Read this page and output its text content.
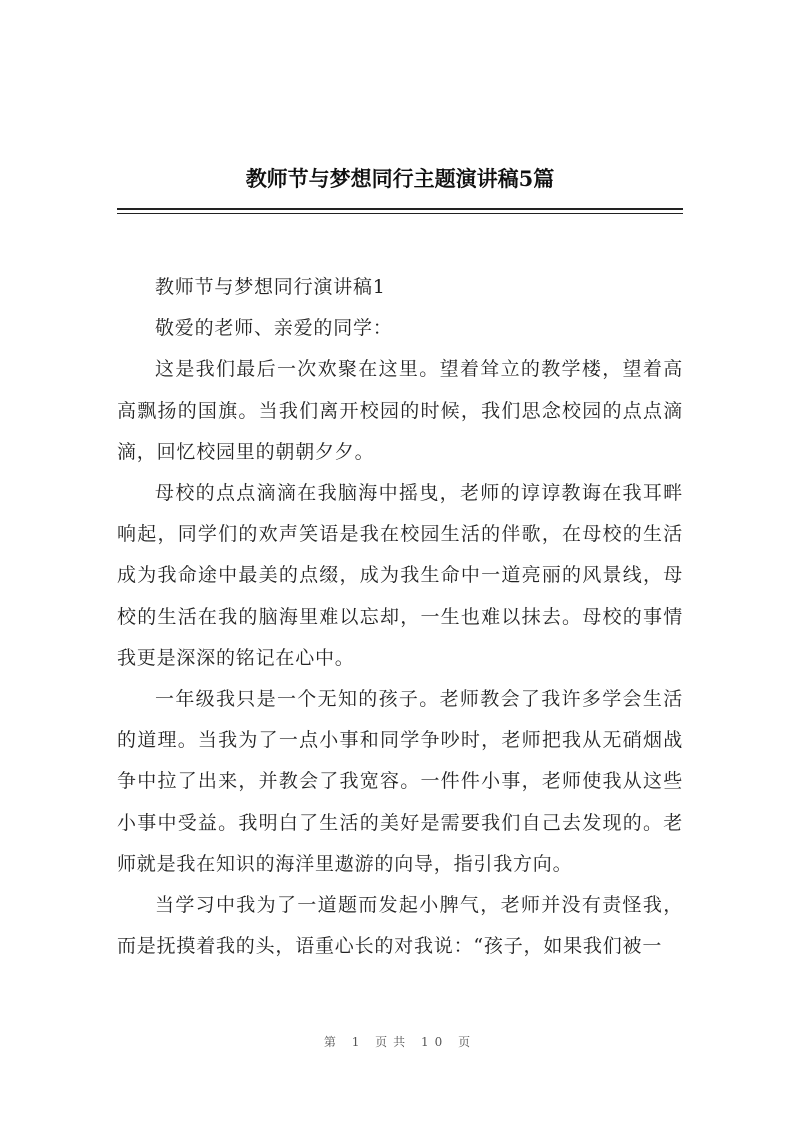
教师节与梦想同行主题演讲稿5篇

教师节与梦想同行演讲稿1

敬爱的老师、亲爱的同学：

这是我们最后一次欢聚在这里。望着耸立的教学楼，望着高高飘扬的国旗。当我们离开校园的时候，我们思念校园的点点滴滴，回忆校园里的朝朝夕夕。

母校的点点滴滴在我脑海中摇曳，老师的谆谆教诲在我耳畔响起，同学们的欢声笑语是我在校园生活的伴歌，在母校的生活成为我命途中最美的点缀，成为我生命中一道亮丽的风景线，母校的生活在我的脑海里难以忘却，一生也难以抹去。母校的事情我更是深深的铭记在心中。

一年级我只是一个无知的孩子。老师教会了我许多学会生活的道理。当我为了一点小事和同学争吵时，老师把我从无硝烟战争中拉了出来，并教会了我宽容。一件件小事，老师使我从这些小事中受益。我明白了生活的美好是需要我们自己去发现的。老师就是我在知识的海洋里遨游的向导，指引我方向。

当学习中我为了一道题而发起小脾气，老师并没有责怪我，而是抚摸着我的头，语重心长的对我说：“孩子，如果我们被一

第 1 页共 10 页
